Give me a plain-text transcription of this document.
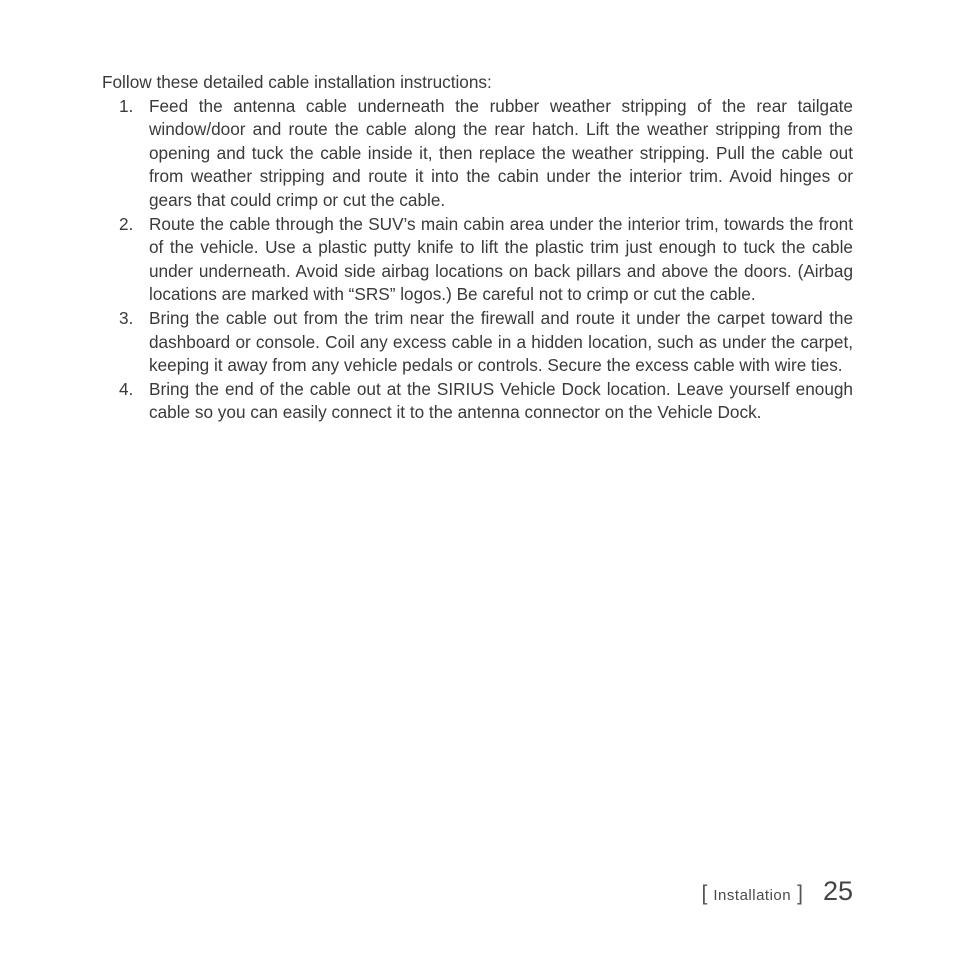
Follow these detailed cable installation instructions:

1. Feed the antenna cable underneath the rubber weather stripping of the rear tailgate window/door and route the cable along the rear hatch. Lift the weather stripping from the opening and tuck the cable inside it, then replace the weather stripping. Pull the cable out from weather stripping and route it into the cabin under the interior trim. Avoid hinges or gears that could crimp or cut the cable.
2. Route the cable through the SUV’s main cabin area under the interior trim, towards the front of the vehicle. Use a plastic putty knife to lift the plastic trim just enough to tuck the cable under underneath. Avoid side airbag locations on back pillars and above the doors. (Airbag locations are marked with “SRS” logos.) Be careful not to crimp or cut the cable.
3. Bring the cable out from the trim near the firewall and route it under the carpet toward the dashboard or console. Coil any excess cable in a hidden location, such as under the carpet, keeping it away from any vehicle pedals or controls. Secure the excess cable with wire ties.
4. Bring the end of the cable out at the SIRIUS Vehicle Dock location. Leave yourself enough cable so you can easily connect it to the antenna connector on the Vehicle Dock.
[ Installation ] 25
